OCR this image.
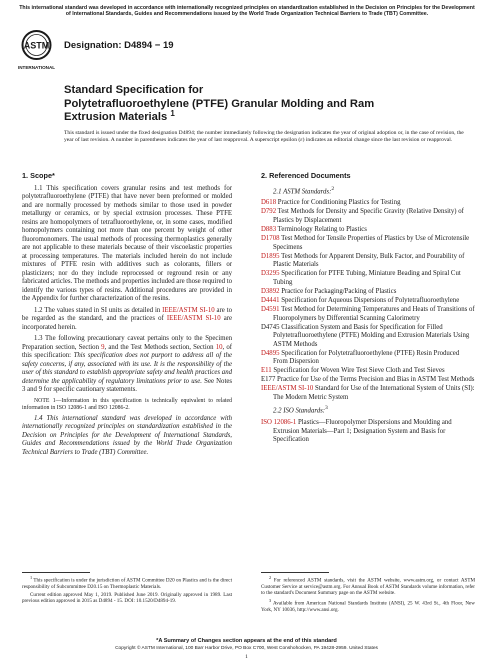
This international standard was developed in accordance with internationally recognized principles on standardization established in the Decision on Principles for the Development of International Standards, Guides and Recommendations issued by the World Trade Organization Technical Barriers to Trade (TBT) Committee.
ASTM
INTERNATIONAL
Designation: D4894 − 19
Standard Specification for
Polytetrafluoroethylene (PTFE) Granular Molding and Ram
Extrusion Materials $^1$
This standard is issued under the fixed designation D4894; the number immediately following the designation indicates the year of original adoption or, in the case of revision, the year of last revision. A number in parentheses indicates the year of last reapproval. A superscript epsilon (ε) indicates an editorial change since the last revision or reapproval.
1. Scope*

1.1 This specification covers granular resins and test methods for polytetrafluoroethylene (PTFE) that have never been preformed or molded and are normally processed by methods similar to those used in powder metallurgy or ceramics, or by special extrusion processes. These PTFE resins are homopolymers of tetrafluoroethylene, or, in some cases, modified homopolymers containing not more than one percent by weight of other fluoromonomers. The usual methods of processing thermoplastics generally are not applicable to these materials because of their viscoelastic properties at processing temperatures. The materials included herein do not include mixtures of PTFE resin with additives such as colorants, fillers or plasticizers; nor do they include reprocessed or reground resin or any fabricated articles. The methods and properties included are those required to identify the various types of resins. Additional procedures are provided in the Appendix for further characterization of the resins.

1.2 The values stated in SI units as detailed in IEEE/ASTM SI-10 are to be regarded as the standard, and the practices of IEEE/ASTM SI-10 are incorporated herein.

1.3 The following precautionary caveat pertains only to the Specimen Preparation section, Section 9, and the Test Methods section, Section 10, of this specification: This specification does not purport to address all of the safety concerns, if any, associated with its use. It is the responsibility of the user of this standard to establish appropriate safety and health practices and determine the applicability of regulatory limitations prior to use. See Notes 3 and 9 for specific cautionary statements.

NOTE 1—Information in this specification is technically equivalent to related information in ISO 12086-1 and ISO 12086-2.

1.4 This international standard was developed in accordance with internationally recognized principles on standardization established in the Decision on Principles for the Development of International Standards, Guides and Recommendations issued by the World Trade Organization Technical Barriers to Trade (TBT) Committee.

2. Referenced Documents

2.1 ASTM Standards:$^2$

D618 Practice for Conditioning Plastics for Testing
D792 Test Methods for Density and Specific Gravity (Relative Density) of Plastics by Displacement
D883 Terminology Relating to Plastics
D1708 Test Method for Tensile Properties of Plastics by Use of Microtensile Specimens
D1895 Test Methods for Apparent Density, Bulk Factor, and Pourability of Plastic Materials
D3295 Specification for PTFE Tubing, Miniature Beading and Spiral Cut Tubing
D3892 Practice for Packaging/Packing of Plastics
D4441 Specification for Aqueous Dispersions of Polytetrafluoroethylene
D4591 Test Method for Determining Temperatures and Heats of Transitions of Fluoropolymers by Differential Scanning Calorimetry
D4745 Classification System and Basis for Specification for Filled Polytetrafluoroethylene (PTFE) Molding and Extrusion Materials Using ASTM Methods
D4895 Specification for Polytetrafluoroethylene (PTFE) Resin Produced From Dispersion
E11 Specification for Woven Wire Test Sieve Cloth and Test Sieves
E177 Practice for Use of the Terms Precision and Bias in ASTM Test Methods
IEEE/ASTM SI-10 Standard for Use of the International System of Units (SI): The Modern Metric System

2.2 ISO Standards:$^3$

ISO 12086-1 Plastics—Fluoropolymer Dispersions and Moulding and Extrusion Materials—Part 1; Designation System and Basis for Specification

$^1$ This specification is under the jurisdiction of ASTM Committee D20 on Plastics and is the direct responsibility of Subcommittee D20.15 on Thermoplastic Materials.

Current edition approved May 1, 2019. Published June 2019. Originally approved in 1989. Last previous edition approved in 2015 as D4894 - 15. DOI: 10.1520/D4894-19.

$^2$ For referenced ASTM standards, visit the ASTM website, www.astm.org, or contact ASTM Customer Service at service@astm.org. For Annual Book of ASTM Standards volume information, refer to the standard's Document Summary page on the ASTM website.

$^3$ Available from American National Standards Institute (ANSI), 25 W. 43rd St., 4th Floor, New York, NY 10036, http://www.ansi.org.

*A Summary of Changes section appears at the end of this standard
Copyright © ASTM International, 100 Barr Harbor Drive, PO Box C700, West Conshohocken, PA 19428-2959. United States
1
